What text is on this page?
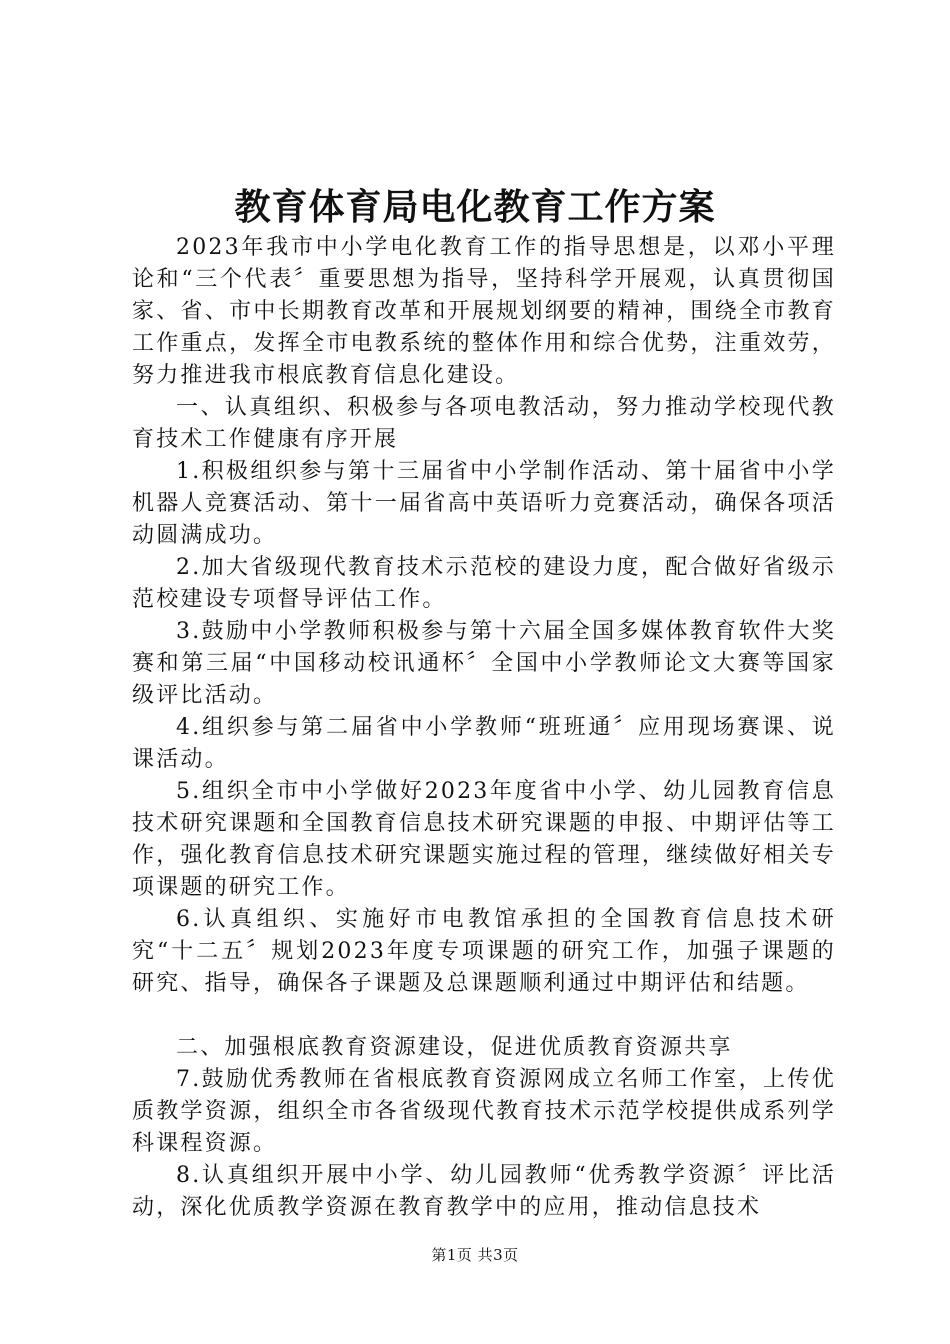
教育体育局电化教育工作方案

2023年我市中小学电化教育工作的指导思想是，以邓小平理论和“三个代表〞重要思想为指导，坚持科学开展观，认真贯彻国家、省、市中长期教育改革和开展规划纲要的精神，围绕全市教育工作重点，发挥全市电教系统的整体作用和综合优势，注重效劳，努力推进我市根底教育信息化建设。

一、认真组织、积极参与各项电教活动，努力推动学校现代教育技术工作健康有序开展

1.积极组织参与第十三届省中小学制作活动、第十届省中小学机器人竞赛活动、第十一届省高中英语听力竞赛活动，确保各项活动圆满成功。

2.加大省级现代教育技术示范校的建设力度，配合做好省级示范校建设专项督导评估工作。

3.鼓励中小学教师积极参与第十六届全国多媒体教育软件大奖赛和第三届“中国移动校讯通杯〞全国中小学教师论文大赛等国家级评比活动。

4.组织参与第二届省中小学教师“班班通〞应用现场赛课、说课活动。

5.组织全市中小学做好2023年度省中小学、幼儿园教育信息技术研究课题和全国教育信息技术研究课题的申报、中期评估等工作，强化教育信息技术研究课题实施过程的管理，继续做好相关专项课题的研究工作。

6.认真组织、实施好市电教馆承担的全国教育信息技术研究“十二五〞规划2023年度专项课题的研究工作，加强子课题的研究、指导，确保各子课题及总课题顺利通过中期评估和结题。

二、加强根底教育资源建设，促进优质教育资源共享

7.鼓励优秀教师在省根底教育资源网成立名师工作室，上传优质教学资源，组织全市各省级现代教育技术示范学校提供成系列学科课程资源。

8.认真组织开展中小学、幼儿园教师“优秀教学资源〞评比活动，深化优质教学资源在教育教学中的应用，推动信息技术

第1页 共3页
